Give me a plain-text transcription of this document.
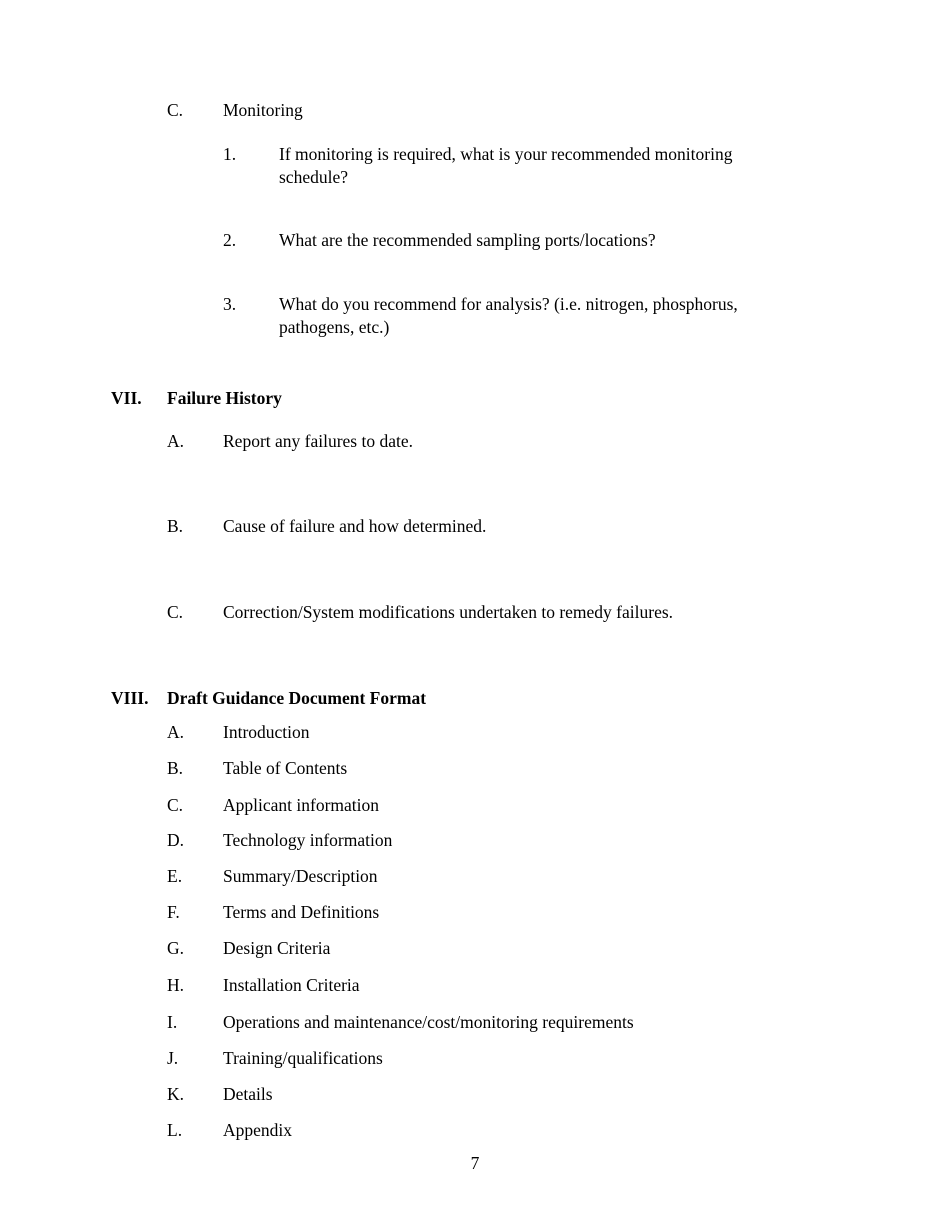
C. Monitoring

1. If monitoring is required, what is your recommended monitoring schedule?

2. What are the recommended sampling ports/locations?

3. What do you recommend for analysis? (i.e. nitrogen, phosphorus, pathogens, etc.)

VII. Failure History

A. Report any failures to date.

B. Cause of failure and how determined.

C. Correction/System modifications undertaken to remedy failures.

VIII. Draft Guidance Document Format

A. Introduction

B. Table of Contents

C. Applicant information

D. Technology information

E. Summary/Description

F. Terms and Definitions

G. Design Criteria

H. Installation Criteria

I.	Operations and maintenance/cost/monitoring requirements

J.	Training/qualifications

K. Details

L. Appendix

7
